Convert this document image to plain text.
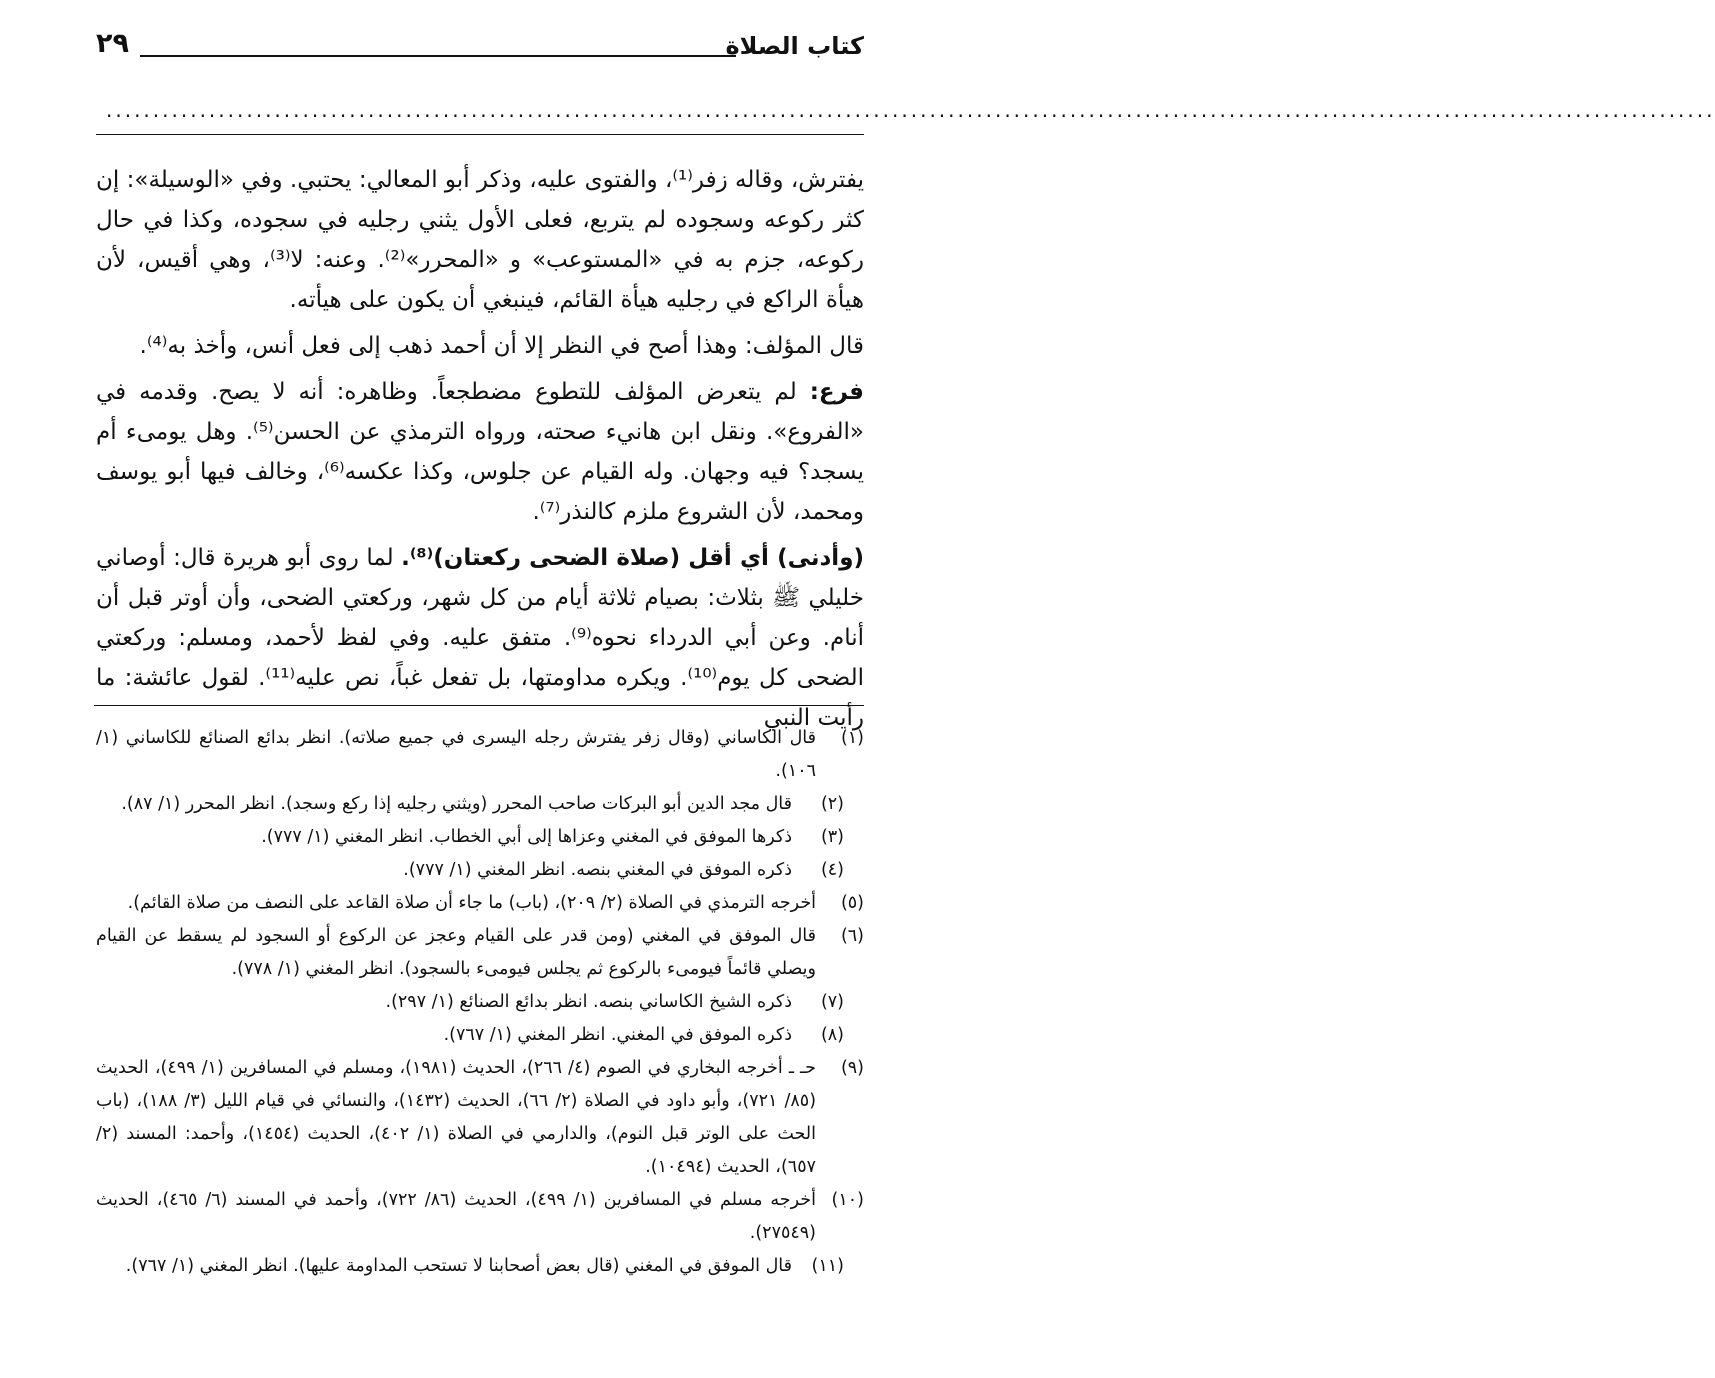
كتاب الصلاة
٢٩
............................................................................................................................................................................

يفترش، وقاله زفر⁽¹⁾، والفتوى عليه، وذكر أبو المعالي: يحتبي. وفي «الوسيلة»: إن كثر ركوعه وسجوده لم يتربع، فعلى الأول يثني رجليه في سجوده، وكذا في حال ركوعه، جزم به في «المستوعب» و «المحرر»⁽²⁾. وعنه: لا⁽³⁾، وهي أقيس، لأن هيأة الراكع في رجليه هيأة القائم، فينبغي أن يكون على هيأته.

قال المؤلف: وهذا أصح في النظر إلا أن أحمد ذهب إلى فعل أنس، وأخذ به⁽⁴⁾.

فرع: لم يتعرض المؤلف للتطوع مضطجعاً. وظاهره: أنه لا يصح. وقدمه في «الفروع». ونقل ابن هانيء صحته، ورواه الترمذي عن الحسن⁽⁵⁾. وهل يومىء أم يسجد؟ فيه وجهان. وله القيام عن جلوس، وكذا عكسه⁽⁶⁾، وخالف فيها أبو يوسف ومحمد، لأن الشروع ملزم كالنذر⁽⁷⁾.

(وأدنى) أي أقل (صلاة الضحى ركعتان)⁽⁸⁾. لما روى أبو هريرة قال: أوصاني خليلي ﷺ بثلاث: بصيام ثلاثة أيام من كل شهر، وركعتي الضحى، وأن أوتر قبل أن أنام. وعن أبي الدرداء نحوه⁽⁹⁾. متفق عليه. وفي لفظ لأحمد، ومسلم: وركعتي الضحى كل يوم⁽¹⁰⁾. ويكره مداومتها، بل تفعل غباً، نص عليه⁽¹¹⁾. لقول عائشة: ما رأيت النبي

(١)
قال الكاساني (وقال زفر يفترش رجله اليسرى في جميع صلاته). انظر بدائع الصنائع للكاساني (١/ ١٠٦).
(٢)
قال مجد الدين أبو البركات صاحب المحرر (ويثني رجليه إذا ركع وسجد). انظر المحرر (١/ ٨٧).
(٣)
ذكرها الموفق في المغني وعزاها إلى أبي الخطاب. انظر المغني (١/ ٧٧٧).
(٤)
ذكره الموفق في المغني بنصه. انظر المغني (١/ ٧٧٧).
(٥)
أخرجه الترمذي في الصلاة (٢/ ٢٠٩)، (باب) ما جاء أن صلاة القاعد على النصف من صلاة القائم).
(٦)
قال الموفق في المغني (ومن قدر على القيام وعجز عن الركوع أو السجود لم يسقط عن القيام ويصلي قائماً فيومىء بالركوع ثم يجلس فيومىء بالسجود). انظر المغني (١/ ٧٧٨).
(٧)
ذكره الشيخ الكاساني بنصه. انظر بدائع الصنائع (١/ ٢٩٧).
(٨)
ذكره الموفق في المغني. انظر المغني (١/ ٧٦٧).
(٩)
حـ ـ أخرجه البخاري في الصوم (٤/ ٢٦٦)، الحديث (١٩٨١)، ومسلم في المسافرين (١/ ٤٩٩)، الحديث (٨٥/ ٧٢١)، وأبو داود في الصلاة (٢/ ٦٦)، الحديث (١٤٣٢)، والنسائي في قيام الليل (٣/ ١٨٨)، (باب الحث على الوتر قبل النوم)، والدارمي في الصلاة (١/ ٤٠٢)، الحديث (١٤٥٤)، وأحمد: المسند (٢/ ٦٥٧)، الحديث (١٠٤٩٤).
(١٠)
أخرجه مسلم في المسافرين (١/ ٤٩٩)، الحديث (٨٦/ ٧٢٢)، وأحمد في المسند (٦/ ٤٦٥)، الحديث (٢٧٥٤٩).
(١١)
قال الموفق في المغني (قال بعض أصحابنا لا تستحب المداومة عليها). انظر المغني (١/ ٧٦٧).
